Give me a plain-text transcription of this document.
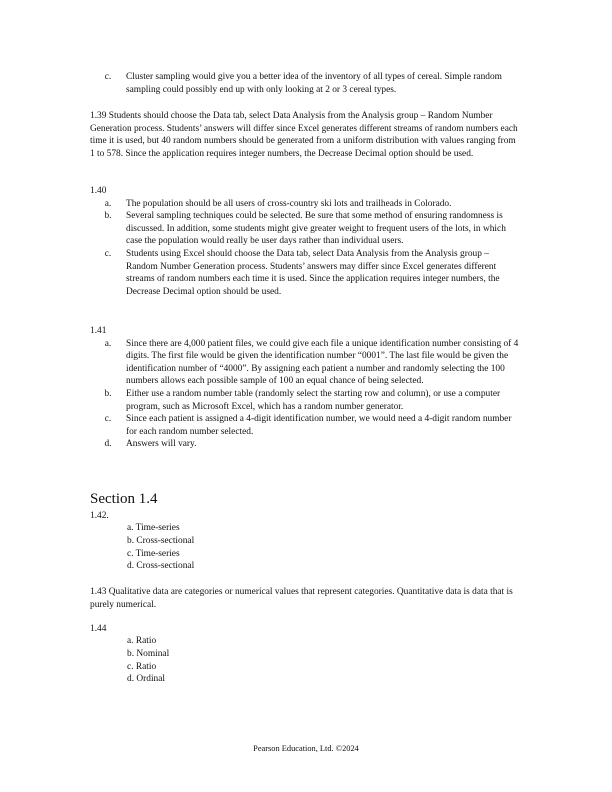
c.	Cluster sampling would give you a better idea of the inventory of all types of cereal. Simple random sampling could possibly end up with only looking at 2 or 3 cereal types.
1.39 Students should choose the Data tab, select Data Analysis from the Analysis group – Random Number Generation process. Students’ answers will differ since Excel generates different streams of random numbers each time it is used, but 40 random numbers should be generated from a uniform distribution with values ranging from 1 to 578. Since the application requires integer numbers, the Decrease Decimal option should be used.
1.40
a.	The population should be all users of cross-country ski lots and trailheads in Colorado.
b.	Several sampling techniques could be selected. Be sure that some method of ensuring randomness is discussed. In addition, some students might give greater weight to frequent users of the lots, in which case the population would really be user days rather than individual users.
c.	Students using Excel should choose the Data tab, select Data Analysis from the Analysis group – Random Number Generation process. Students’ answers may differ since Excel generates different streams of random numbers each time it is used. Since the application requires integer numbers, the Decrease Decimal option should be used.
1.41
a.	Since there are 4,000 patient files, we could give each file a unique identification number consisting of 4 digits. The first file would be given the identification number “0001”. The last file would be given the identification number of “4000”. By assigning each patient a number and randomly selecting the 100 numbers allows each possible sample of 100 an equal chance of being selected.
b.	Either use a random number table (randomly select the starting row and column), or use a computer program, such as Microsoft Excel, which has a random number generator.
c.	Since each patient is assigned a 4-digit identification number, we would need a 4-digit random number for each random number selected.
d.	Answers will vary.
Section 1.4
1.42.
a. Time-series
b. Cross-sectional
c. Time-series
d. Cross-sectional
1.43 Qualitative data are categories or numerical values that represent categories. Quantitative data is data that is purely numerical.
1.44
a. Ratio
b. Nominal
c. Ratio
d. Ordinal
Pearson Education, Ltd. ©2024
